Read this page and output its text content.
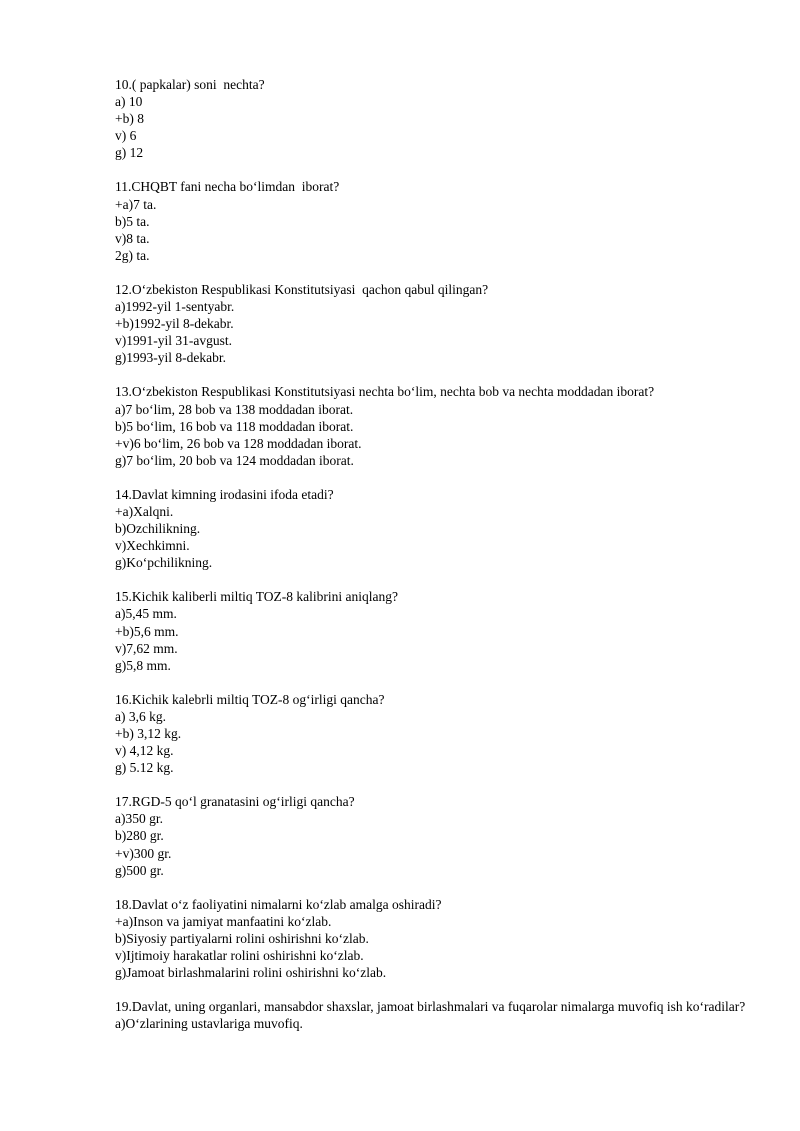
10.( papkalar) soni  nechta?
a) 10
+b) 8
v) 6
g) 12
11.CHQBT fani necha boʻlimdan  iborat?
+a)7 ta.
b)5 ta.
v)8 ta.
2g) ta.
12.Oʻzbekiston Respublikasi Konstitutsiyasi  qachon qabul qilingan?
a)1992-yil 1-sentyabr.
+b)1992-yil 8-dekabr.
v)1991-yil 31-avgust.
g)1993-yil 8-dekabr.
13.Oʻzbekiston Respublikasi Konstitutsiyasi nechta boʻlim, nechta bob va nechta moddadan iborat?
a)7 boʻlim, 28 bob va 138 moddadan iborat.
b)5 boʻlim, 16 bob va 118 moddadan iborat.
+v)6 boʻlim, 26 bob va 128 moddadan iborat.
g)7 boʻlim, 20 bob va 124 moddadan iborat.
14.Davlat kimning irodasini ifoda etadi?
+a)Xalqni.
b)Ozchilikning.
v)Xechkimni.
g)Koʻpchilikning.
15.Kichik kaliberli miltiq TOZ-8 kalibrini aniqlang?
a)5,45 mm.
+b)5,6 mm.
v)7,62 mm.
g)5,8 mm.
16.Kichik kalebrli miltiq TOZ-8 ogʻirligi qancha?
a) 3,6 kg.
+b) 3,12 kg.
v) 4,12 kg.
g) 5.12 kg.
17.RGD-5 qoʻl granatasini ogʻirligi qancha?
a)350 gr.
b)280 gr.
+v)300 gr.
g)500 gr.
18.Davlat oʻz faoliyatini nimalarni koʻzlab amalga oshiradi?
+a)Inson va jamiyat manfaatini koʻzlab.
b)Siyosiy partiyalarni rolini oshirishni koʻzlab.
v)Ijtimoiy harakatlar rolini oshirishni koʻzlab.
g)Jamoat birlashmalarini rolini oshirishni koʻzlab.
19.Davlat, uning organlari, mansabdor shaxslar, jamoat birlashmalari va fuqarolar nimalarga muvofiq ish koʻradilar?
a)Oʻzlarining ustavlariga muvofiq.
